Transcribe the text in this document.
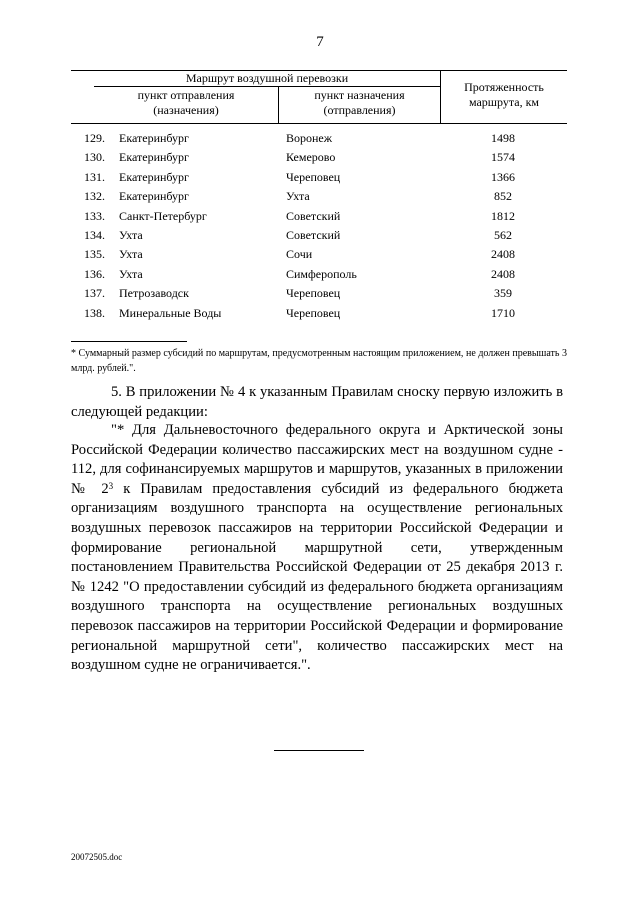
7
Маршрут воздушной перевозки
пункт отправления
(назначения)
пункт назначения
(отправления)
Протяженность
маршрута, км
129. Екатеринбург	Воронеж	1498
130. Екатеринбург	Кемерово	1574
131. Екатеринбург	Череповец	1366
132. Екатеринбург	Ухта	852
133. Санкт-Петербург	Советский	1812
134. Ухта	Советский	562
135. Ухта	Сочи	2408
136. Ухта	Симферополь	2408
137. Петрозаводск	Череповец	359
138. Минеральные Воды	Череповец	1710
* Суммарный размер субсидий по маршрутам, предусмотренным настоящим приложением, не должен превышать 3 млрд. рублей.".
5. В приложении № 4 к указанным Правилам сноску первую изложить в следующей редакции:
"* Для Дальневосточного федерального округа и Арктической зоны Российской Федерации количество пассажирских мест на воздушном судне - 112, для софинансируемых маршрутов и маршрутов, указанных в приложении № $2^3$ к Правилам предоставления субсидий из федерального бюджета организациям воздушного транспорта на осуществление региональных воздушных перевозок пассажиров на территории Российской Федерации и формирование региональной маршрутной сети, утвержденным постановлением Правительства Российской Федерации от 25 декабря 2013 г. № 1242 "О предоставлении субсидий из федерального бюджета организациям воздушного транспорта на осуществление региональных воздушных перевозок пассажиров на территории Российской Федерации и формирование региональной маршрутной сети", количество пассажирских мест на воздушном судне не ограничивается.".
20072505.doc
